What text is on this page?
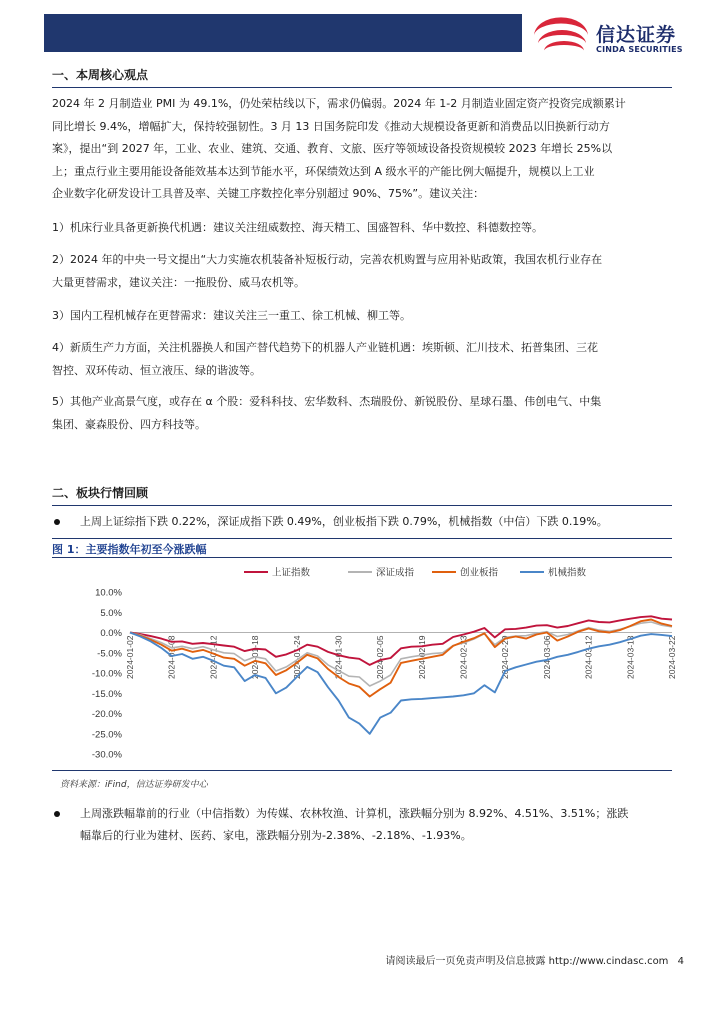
信达证券
CINDA SECURITIES
一、本周核心观点
2024 年 2 月制造业 PMI 为 49.1%，仍处荣枯线以下，需求仍偏弱。2024 年 1-2 月制造业固定资产投资完成额累计
同比增长 9.4%，增幅扩大，保持较强韧性。3 月 13 日国务院印发《推动大规模设备更新和消费品以旧换新行动方
案》，提出“到 2027 年，工业、农业、建筑、交通、教育、文旅、医疗等领域设备投资规模较 2023 年增长 25%以
上；重点行业主要用能设备能效基本达到节能水平，环保绩效达到 A 级水平的产能比例大幅提升，规模以上工业
企业数字化研发设计工具普及率、关键工序数控化率分别超过 90%、75%”。建议关注：
1）机床行业具备更新换代机遇：建议关注纽威数控、海天精工、国盛智科、华中数控、科德数控等。
2）2024 年的中央一号文提出“大力实施农机装备补短板行动，完善农机购置与应用补贴政策，我国农机行业存在
大量更替需求，建议关注：一拖股份、威马农机等。
3）国内工程机械存在更替需求：建议关注三一重工、徐工机械、柳工等。
4）新质生产力方面，关注机器换人和国产替代趋势下的机器人产业链机遇：埃斯顿、汇川技术、拓普集团、三花
智控、双环传动、恒立液压、绿的谐波等。
5）其他产业高景气度，或存在 α 个股：爱科科技、宏华数科、杰瑞股份、新锐股份、星球石墨、伟创电气、中集
集团、豪森股份、四方科技等。
二、板块行情回顾
上周上证综指下跌 0.22%，深证成指下跌 0.49%，创业板指下跌 0.79%，机械指数（中信）下跌 0.19%。
图 1：主要指数年初至今涨跌幅
10.0%
5.0%
0.0%
-5.0%
-10.0%
-15.0%
-20.0%
-25.0%
-30.0%
2024-01-02	2024-01-08	2024-01-12	2024-01-18	2024-01-24	2024-01-30	2024-02-05	2024-02-19	2024-02-23	2024-02-29	2024-03-06	2024-03-12	2024-03-18	2024-03-22
上证指数	深证成指	创业板指	机械指数
资料来源：iFind，信达证券研发中心
上周涨跌幅靠前的行业（中信指数）为传媒、农林牧渔、计算机，涨跌幅分别为 8.92%、4.51%、3.51%；涨跌
幅靠后的行业为建材、医药、家电，涨跌幅分别为-2.38%、-2.18%、-1.93%。
请阅读最后一页免责声明及信息披露 http://www.cindasc.com 4
